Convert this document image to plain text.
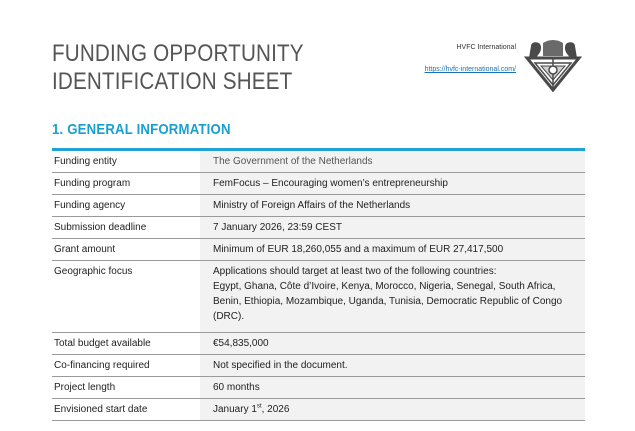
FUNDING OPPORTUNITY
IDENTIFICATION SHEET
HVFC International
https://hvfc-international.com/
1. GENERAL INFORMATION
Funding entity	The Government of the Netherlands
Funding program	FemFocus – Encouraging women’s entrepreneurship
Funding agency	Ministry of Foreign Affairs of the Netherlands
Submission deadline	7 January 2026, 23:59 CEST
Grant amount	Minimum of EUR 18,260,055 and a maximum of EUR 27,417,500
Geographic focus	Applications should target at least two of the following countries:
Egypt, Ghana, Côte d’Ivoire, Kenya, Morocco, Nigeria, Senegal, South Africa, Benin, Ethiopia, Mozambique, Uganda, Tunisia, Democratic Republic of Congo (DRC).

Total budget available	€54,835,000
Co-financing required	Not specified in the document.
Project length	60 months
Envisioned start date	January 1st, 2026
